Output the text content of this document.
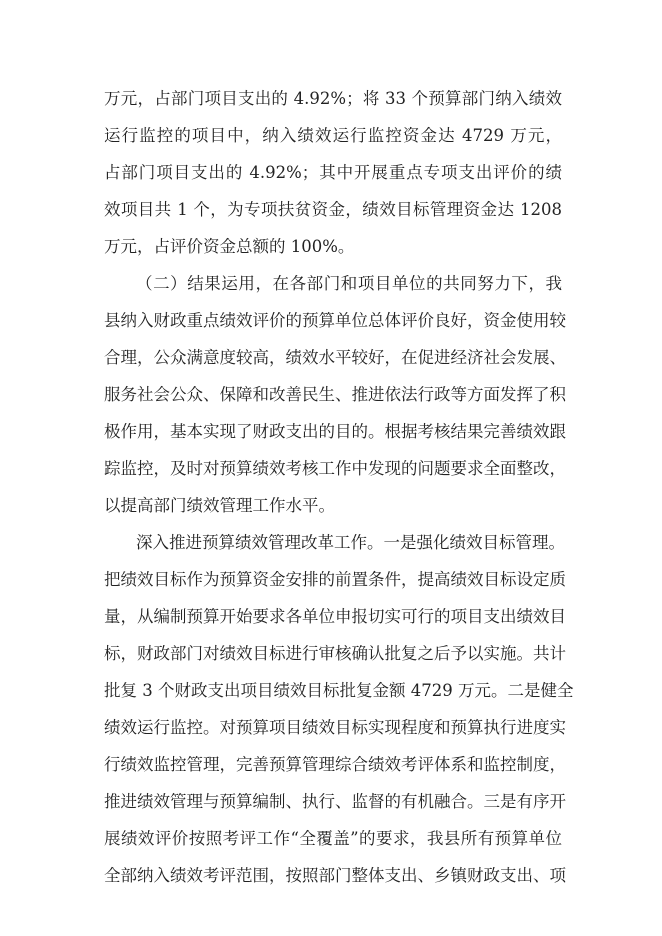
万元，占部门项目支出的 4.92%；将 33 个预算部门纳入绩效
运行监控的项目中，纳入绩效运行监控资金达 4729 万元，
占部门项目支出的 4.92%；其中开展重点专项支出评价的绩
效项目共 1 个，为专项扶贫资金，绩效目标管理资金达 1208
万元，占评价资金总额的 100%。
（二）结果运用，在各部门和项目单位的共同努力下，我
县纳入财政重点绩效评价的预算单位总体评价良好，资金使用较
合理，公众满意度较高，绩效水平较好，在促进经济社会发展、
服务社会公众、保障和改善民生、推进依法行政等方面发挥了积
极作用，基本实现了财政支出的目的。根据考核结果完善绩效跟
踪监控，及时对预算绩效考核工作中发现的问题要求全面整改，
以提高部门绩效管理工作水平。
深入推进预算绩效管理改革工作。一是强化绩效目标管理。
把绩效目标作为预算资金安排的前置条件，提高绩效目标设定质
量，从编制预算开始要求各单位申报切实可行的项目支出绩效目
标，财政部门对绩效目标进行审核确认批复之后予以实施。共计
批复 3 个财政支出项目绩效目标批复金额 4729 万元。二是健全
绩效运行监控。对预算项目绩效目标实现程度和预算执行进度实
行绩效监控管理，完善预算管理综合绩效考评体系和监控制度，
推进绩效管理与预算编制、执行、监督的有机融合。三是有序开
展绩效评价按照考评工作“全覆盖”的要求，我县所有预算单位
全部纳入绩效考评范围，按照部门整体支出、乡镇财政支出、项
